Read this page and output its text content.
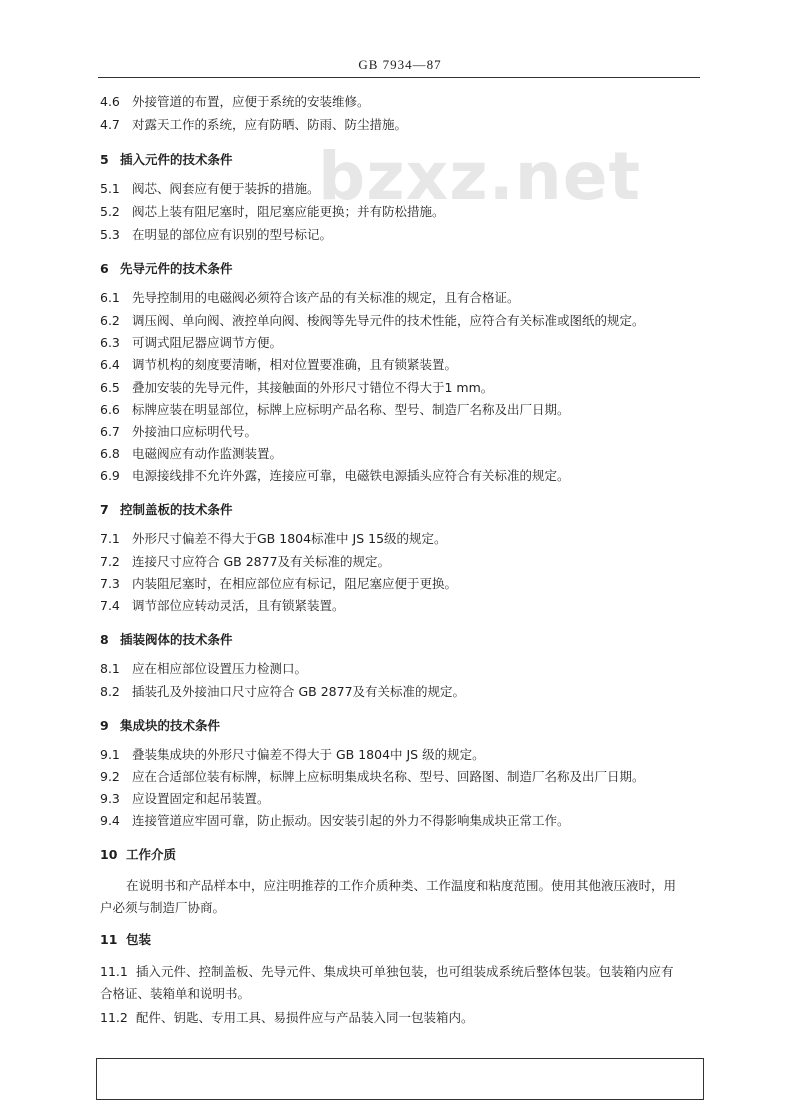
GB 7934—87
bzxz.net
4.6 外接管道的布置，应便于系统的安装维修。
4.7 对露天工作的系统，应有防晒、防雨、防尘措施。
5 插入元件的技术条件
5.1 阀芯、阀套应有便于装拆的措施。
5.2 阀芯上装有阻尼塞时，阻尼塞应能更换；并有防松措施。
5.3 在明显的部位应有识别的型号标记。
6 先导元件的技术条件
6.1 先导控制用的电磁阀必须符合该产品的有关标准的规定，且有合格证。
6.2 调压阀、单向阀、液控单向阀、梭阀等先导元件的技术性能，应符合有关标准或图纸的规定。
6.3 可调式阻尼器应调节方便。
6.4 调节机构的刻度要清晰，相对位置要准确，且有锁紧装置。
6.5 叠加安装的先导元件，其接触面的外形尺寸错位不得大于1 mm。
6.6 标牌应装在明显部位，标牌上应标明产品名称、型号、制造厂名称及出厂日期。
6.7 外接油口应标明代号。
6.8 电磁阀应有动作监测装置。
6.9 电源接线排不允许外露，连接应可靠，电磁铁电源插头应符合有关标准的规定。
7 控制盖板的技术条件
7.1 外形尺寸偏差不得大于GB 1804标准中 JS 15级的规定。
7.2 连接尺寸应符合 GB 2877及有关标准的规定。
7.3 内装阻尼塞时，在相应部位应有标记，阻尼塞应便于更换。
7.4 调节部位应转动灵活，且有锁紧装置。
8 插装阀体的技术条件
8.1 应在相应部位设置压力检测口。
8.2 插装孔及外接油口尺寸应符合 GB 2877及有关标准的规定。
9 集成块的技术条件
9.1 叠装集成块的外形尺寸偏差不得大于 GB 1804中 JS 级的规定。
9.2 应在合适部位装有标牌，标牌上应标明集成块名称、型号、回路图、制造厂名称及出厂日期。
9.3 应设置固定和起吊装置。
9.4 连接管道应牢固可靠，防止振动。因安装引起的外力不得影响集成块正常工作。
10 工作介质
在说明书和产品样本中，应注明推荐的工作介质种类、工作温度和粘度范围。使用其他液压液时，用
户必须与制造厂协商。
11 包装
11.1 插入元件、控制盖板、先导元件、集成块可单独包装，也可组装成系统后整体包装。包装箱内应有
合格证、装箱单和说明书。
11.2 配件、钥匙、专用工具、易损件应与产品装入同一包装箱内。
